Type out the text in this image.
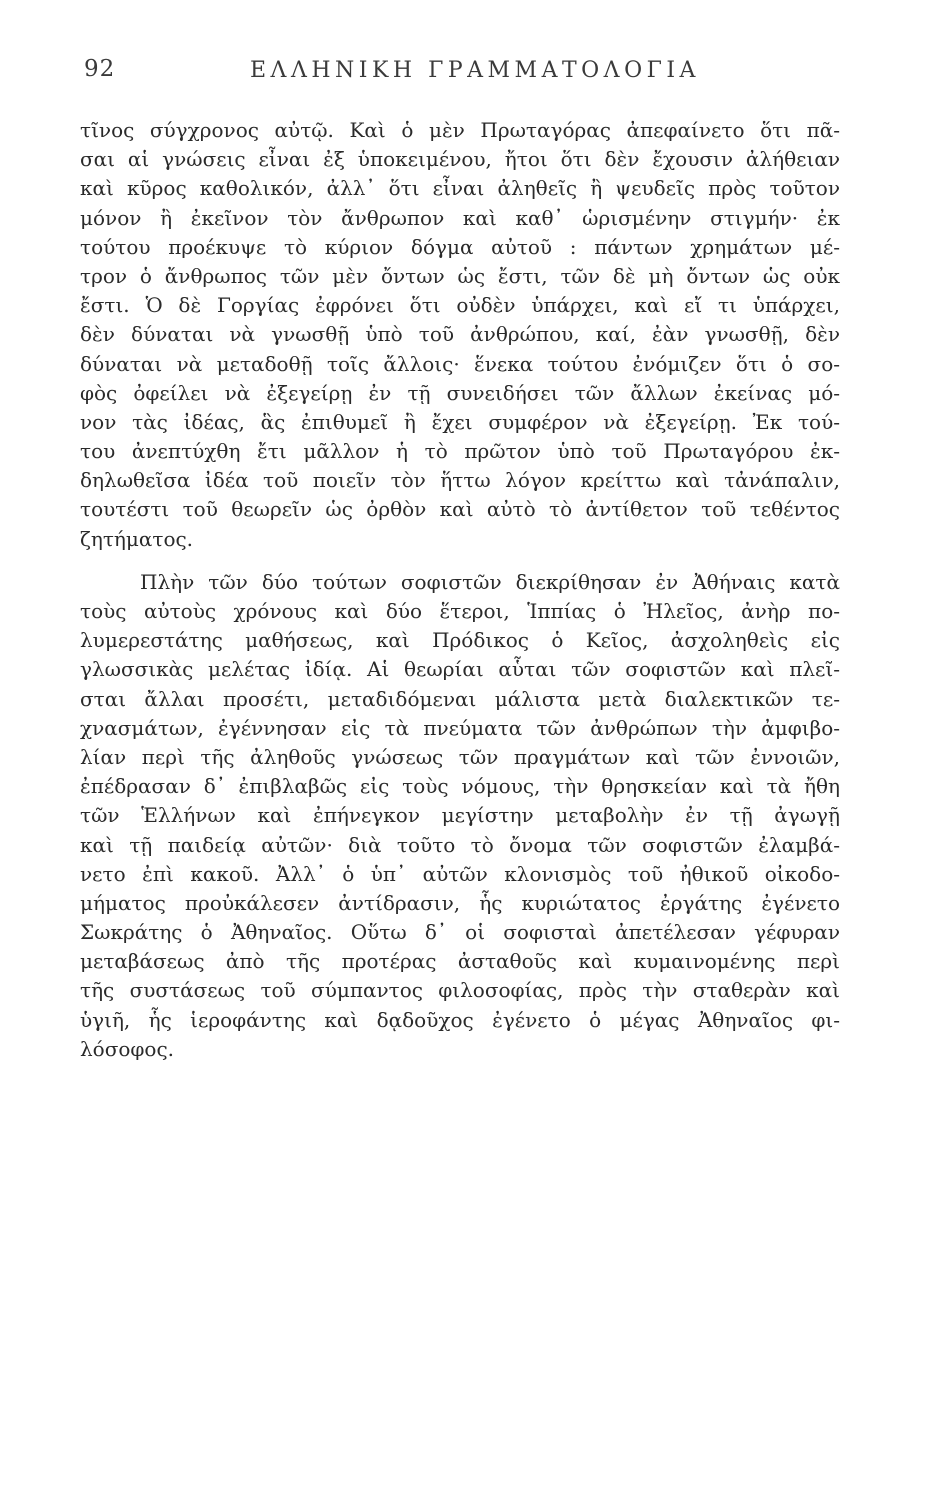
92	ΕΛΛΗΝΙΚΗ ΓΡΑΜΜΑΤΟΛΟΓΙΑ
τῖνος σύγχρονος αὐτῷ. Καὶ ὁ μὲν Πρωταγόρας ἀπεφαίνετο ὅτι πᾶ-
σαι αἱ γνώσεις εἶναι ἐξ ὑποκειμένου, ἤτοι ὅτι δὲν ἔχουσιν ἀλήθειαν
καὶ κῦρος καθολικόν, ἀλλ᾽ ὅτι εἶναι ἀληθεῖς ἢ ψευδεῖς πρὸς τοῦτον
μόνον ἢ ἐκεῖνον τὸν ἄνθρωπον καὶ καθ᾽ ὡρισμένην στιγμήν· ἐκ
τούτου προέκυψε τὸ κύριον δόγμα αὐτοῦ : πάντων χρημάτων μέ-
τρον ὁ ἄνθρωπος τῶν μὲν ὄντων ὡς ἔστι, τῶν δὲ μὴ ὄντων ὡς οὐκ
ἔστι. Ὁ δὲ Γοργίας ἐφρόνει ὅτι οὐδὲν ὑπάρχει, καὶ εἴ τι ὑπάρχει,
δὲν δύναται νὰ γνωσθῇ ὑπὸ τοῦ ἀνθρώπου, καί, ἐὰν γνωσθῇ, δὲν
δύναται νὰ μεταδοθῇ τοῖς ἄλλοις· ἕνεκα τούτου ἐνόμιζεν ὅτι ὁ σο-
φὸς ὀφείλει νὰ ἐξεγείρῃ ἐν τῇ συνειδήσει τῶν ἄλλων ἐκείνας μό-
νον τὰς ἰδέας, ἃς ἐπιθυμεῖ ἢ ἔχει συμφέρον νὰ ἐξεγείρῃ. Ἐκ τού-
του ἀνεπτύχθη ἔτι μᾶλλον ἡ τὸ πρῶτον ὑπὸ τοῦ Πρωταγόρου ἐκ-
δηλωθεῖσα ἰδέα τοῦ ποιεῖν τὸν ἥττω λόγον κρείττω καὶ τἀνάπαλιν,
τουτέστι τοῦ θεωρεῖν ὡς ὀρθὸν καὶ αὐτὸ τὸ ἀντίθετον τοῦ τεθέντος
ζητήματος.
Πλὴν τῶν δύο τούτων σοφιστῶν διεκρίθησαν ἐν Ἀθήναις κατὰ
τοὺς αὐτοὺς χρόνους καὶ δύο ἕτεροι, Ἱππίας ὁ Ἠλεῖος, ἀνὴρ πο-
λυμερεστάτης μαθήσεως, καὶ Πρόδικος ὁ Κεῖος, ἀσχοληθεὶς εἰς
γλωσσικὰς μελέτας ἰδίᾳ. Αἱ θεωρίαι αὗται τῶν σοφιστῶν καὶ πλεῖ-
σται ἄλλαι προσέτι, μεταδιδόμεναι μάλιστα μετὰ διαλεκτικῶν τε-
χνασμάτων, ἐγέννησαν εἰς τὰ πνεύματα τῶν ἀνθρώπων τὴν ἀμφιβο-
λίαν περὶ τῆς ἀληθοῦς γνώσεως τῶν πραγμάτων καὶ τῶν ἐννοιῶν,
ἐπέδρασαν δ᾽ ἐπιβλαβῶς εἰς τοὺς νόμους, τὴν θρησκείαν καὶ τὰ ἤθη
τῶν Ἑλλήνων καὶ ἐπήνεγκον μεγίστην μεταβολὴν ἐν τῇ ἀγωγῇ
καὶ τῇ παιδείᾳ αὐτῶν· διὰ τοῦτο τὸ ὄνομα τῶν σοφιστῶν ἐλαμβά-
νετο ἐπὶ κακοῦ. Ἀλλ᾽ ὁ ὑπ᾽ αὐτῶν κλονισμὸς τοῦ ἠθικοῦ οἰκοδο-
μήματος προὐκάλεσεν ἀντίδρασιν, ἧς κυριώτατος ἐργάτης ἐγένετο
Σωκράτης ὁ Ἀθηναῖος. Οὕτω δ᾽ οἱ σοφισταὶ ἀπετέλεσαν γέφυραν
μεταβάσεως ἀπὸ τῆς προτέρας ἀσταθοῦς καὶ κυμαινομένης περὶ
τῆς συστάσεως τοῦ σύμπαντος φιλοσοφίας, πρὸς τὴν σταθερὰν καὶ
ὑγιῆ, ἧς ἱεροφάντης καὶ δᾳδοῦχος ἐγένετο ὁ μέγας Ἀθηναῖος φι-
λόσοφος.
